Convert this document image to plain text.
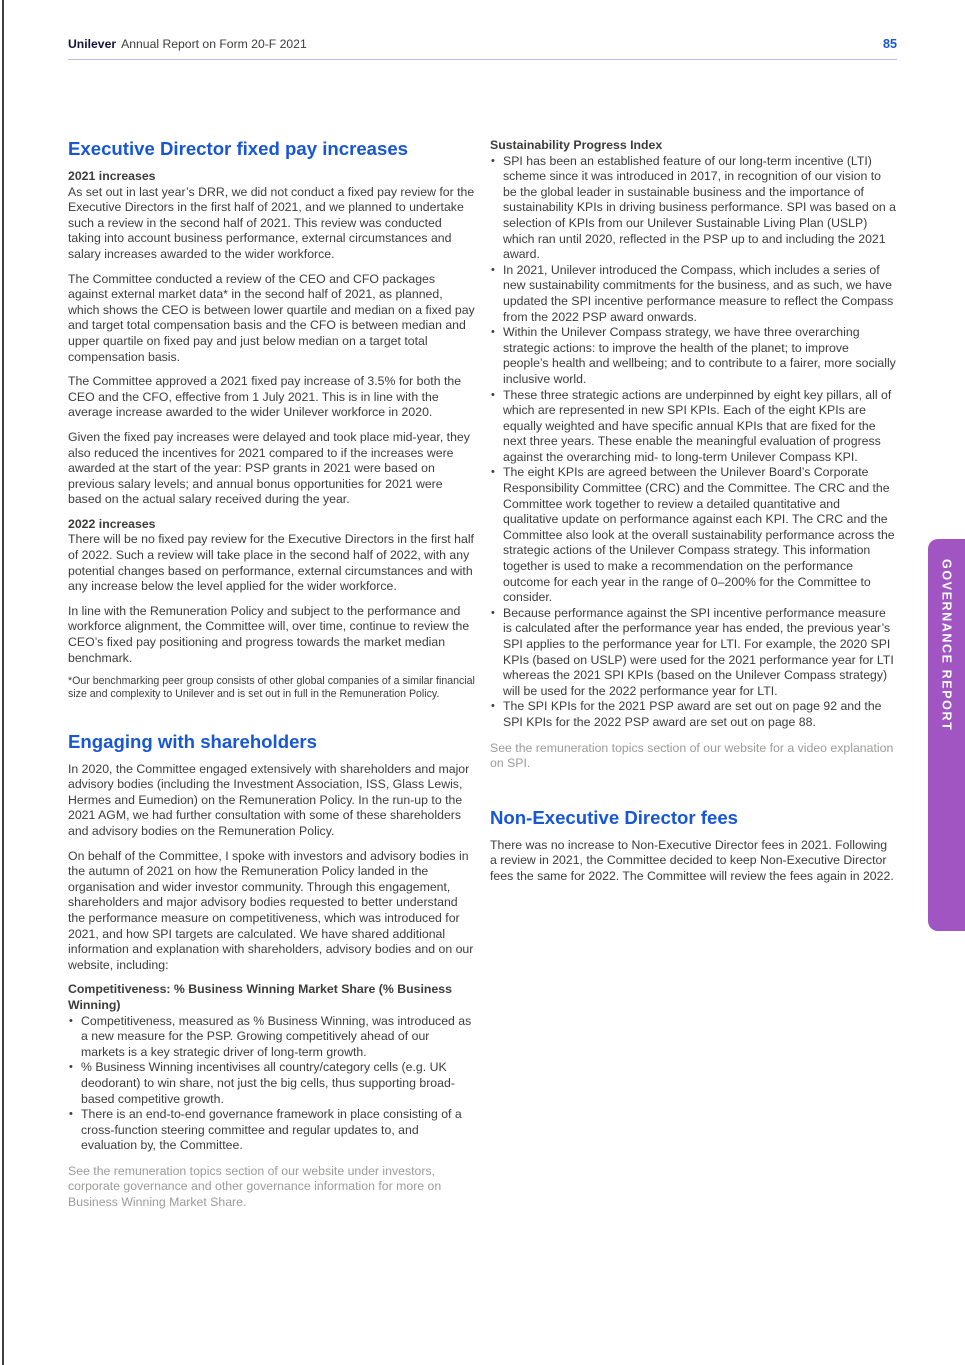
Unilever Annual Report on Form 20-F 2021	85
Executive Director fixed pay increases
2021 increases

As set out in last year’s DRR, we did not conduct a fixed pay review for the Executive Directors in the first half of 2021, and we planned to undertake such a review in the second half of 2021. This review was conducted taking into account business performance, external circumstances and salary increases awarded to the wider workforce.

The Committee conducted a review of the CEO and CFO packages against external market data* in the second half of 2021, as planned, which shows the CEO is between lower quartile and median on a fixed pay and target total compensation basis and the CFO is between median and upper quartile on fixed pay and just below median on a target total compensation basis.

The Committee approved a 2021 fixed pay increase of 3.5% for both the CEO and the CFO, effective from 1 July 2021. This is in line with the average increase awarded to the wider Unilever workforce in 2020.

Given the fixed pay increases were delayed and took place mid-year, they also reduced the incentives for 2021 compared to if the increases were awarded at the start of the year: PSP grants in 2021 were based on previous salary levels; and annual bonus opportunities for 2021 were based on the actual salary received during the year.

2022 increases

There will be no fixed pay review for the Executive Directors in the first half of 2022. Such a review will take place in the second half of 2022, with any potential changes based on performance, external circumstances and with any increase below the level applied for the wider workforce.

In line with the Remuneration Policy and subject to the performance and workforce alignment, the Committee will, over time, continue to review the CEO’s fixed pay positioning and progress towards the market median benchmark.

*Our benchmarking peer group consists of other global companies of a similar financial size and complexity to Unilever and is set out in full in the Remuneration Policy.

Engaging with shareholders

In 2020, the Committee engaged extensively with shareholders and major advisory bodies (including the Investment Association, ISS, Glass Lewis, Hermes and Eumedion) on the Remuneration Policy. In the run-up to the 2021 AGM, we had further consultation with some of these shareholders and advisory bodies on the Remuneration Policy.

On behalf of the Committee, I spoke with investors and advisory bodies in the autumn of 2021 on how the Remuneration Policy landed in the organisation and wider investor community. Through this engagement, shareholders and major advisory bodies requested to better understand the performance measure on competitiveness, which was introduced for 2021, and how SPI targets are calculated. We have shared additional information and explanation with shareholders, advisory bodies and on our website, including:

Competitiveness: % Business Winning Market Share (% Business Winning)
• Competitiveness, measured as % Business Winning, was introduced as a new measure for the PSP. Growing competitively ahead of our markets is a key strategic driver of long-term growth.
• % Business Winning incentivises all country/category cells (e.g. UK deodorant) to win share, not just the big cells, thus supporting broad-based competitive growth.
• There is an end-to-end governance framework in place consisting of a cross-function steering committee and regular updates to, and evaluation by, the Committee.

See the remuneration topics section of our website under investors, corporate governance and other governance information for more on Business Winning Market Share.

Sustainability Progress Index
• SPI has been an established feature of our long-term incentive (LTI) scheme since it was introduced in 2017, in recognition of our vision to be the global leader in sustainable business and the importance of sustainability KPIs in driving business performance. SPI was based on a selection of KPIs from our Unilever Sustainable Living Plan (USLP) which ran until 2020, reflected in the PSP up to and including the 2021 award.
• In 2021, Unilever introduced the Compass, which includes a series of new sustainability commitments for the business, and as such, we have updated the SPI incentive performance measure to reflect the Compass from the 2022 PSP award onwards.
• Within the Unilever Compass strategy, we have three overarching strategic actions: to improve the health of the planet; to improve people’s health and wellbeing; and to contribute to a fairer, more socially inclusive world.
• These three strategic actions are underpinned by eight key pillars, all of which are represented in new SPI KPIs. Each of the eight KPIs are equally weighted and have specific annual KPIs that are fixed for the next three years. These enable the meaningful evaluation of progress against the overarching mid- to long-term Unilever Compass KPI.
• The eight KPIs are agreed between the Unilever Board’s Corporate Responsibility Committee (CRC) and the Committee. The CRC and the Committee work together to review a detailed quantitative and qualitative update on performance against each KPI. The CRC and the Committee also look at the overall sustainability performance across the strategic actions of the Unilever Compass strategy. This information together is used to make a recommendation on the performance outcome for each year in the range of 0–200% for the Committee to consider.
• Because performance against the SPI incentive performance measure is calculated after the performance year has ended, the previous year’s SPI applies to the performance year for LTI. For example, the 2020 SPI KPIs (based on USLP) were used for the 2021 performance year for LTI whereas the 2021 SPI KPIs (based on the Unilever Compass strategy) will be used for the 2022 performance year for LTI.
• The SPI KPIs for the 2021 PSP award are set out on page 92 and the SPI KPIs for the 2022 PSP award are set out on page 88.

See the remuneration topics section of our website for a video explanation on SPI.

Non-Executive Director fees

There was no increase to Non-Executive Director fees in 2021. Following a review in 2021, the Committee decided to keep Non-Executive Director fees the same for 2022. The Committee will review the fees again in 2022.

GOVERNANCE REPORT
